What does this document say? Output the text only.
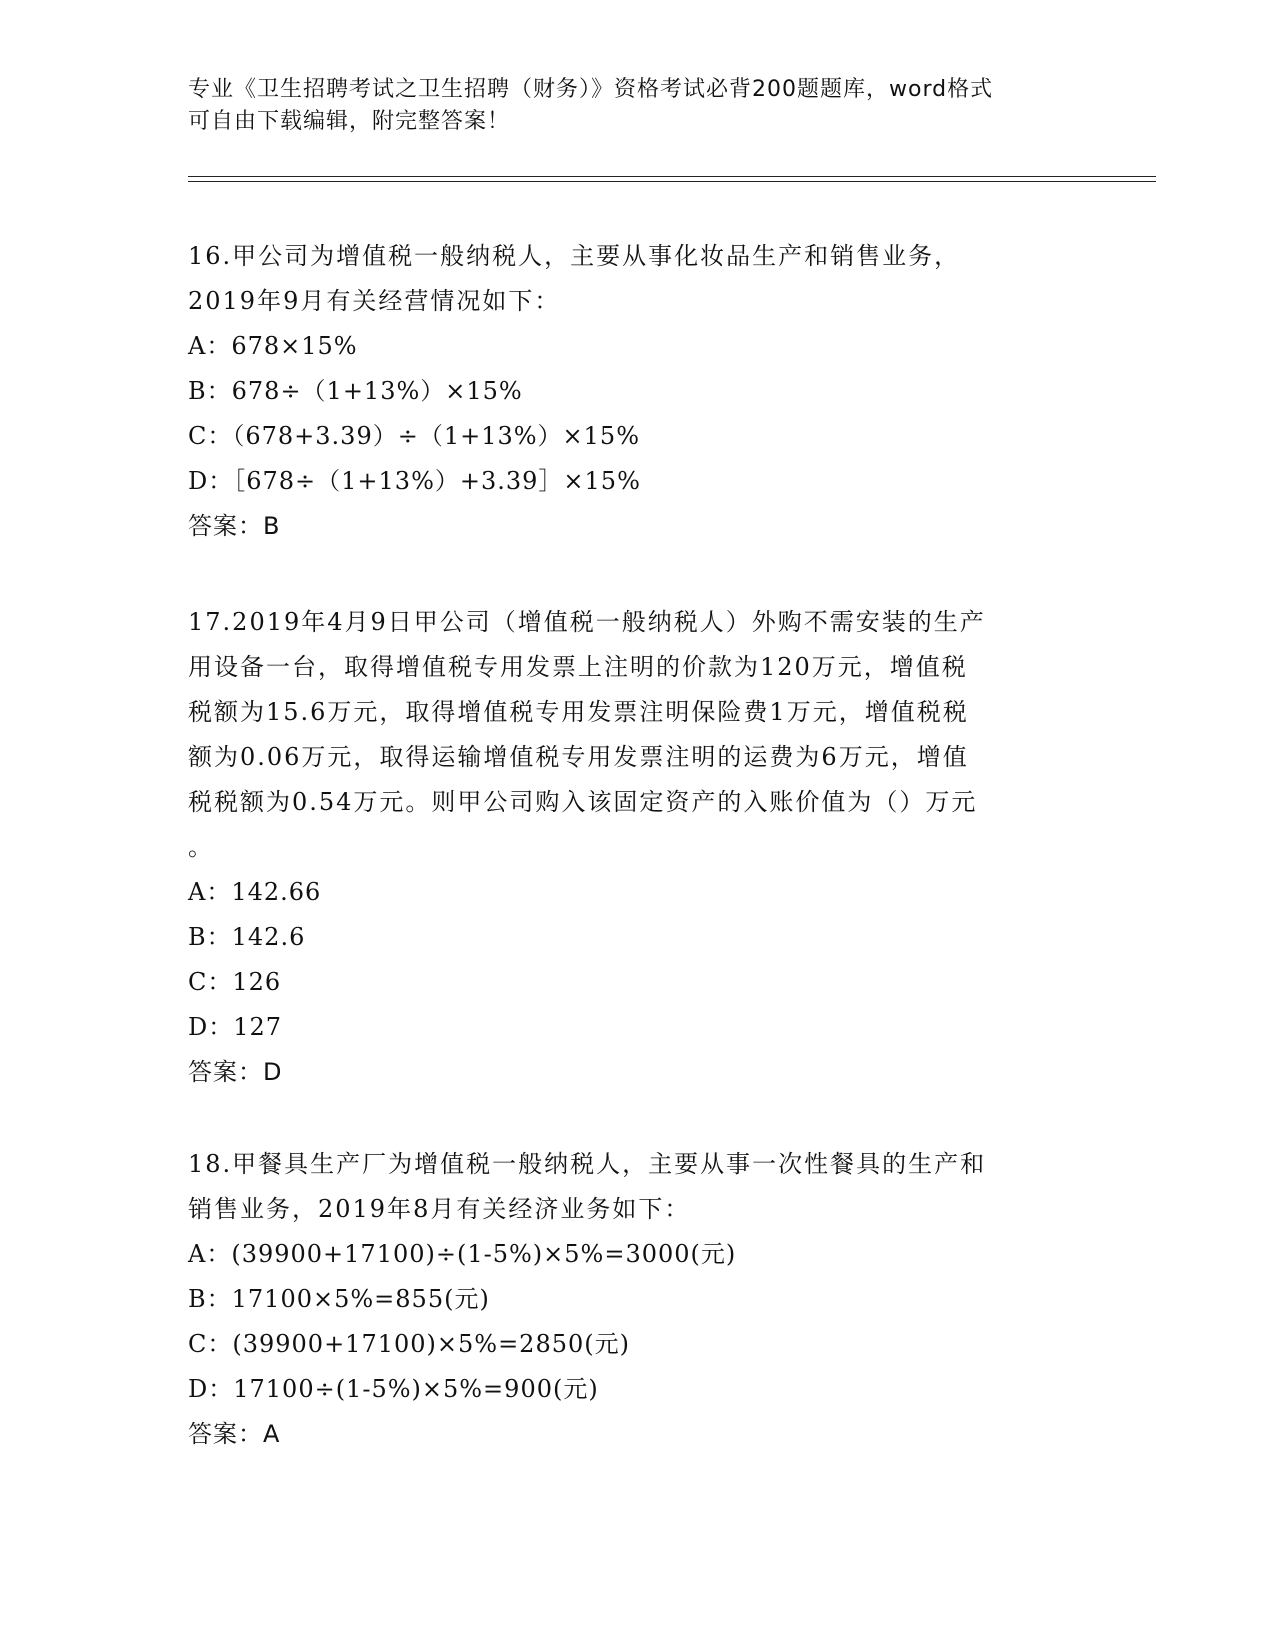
专业《卫生招聘考试之卫生招聘（财务）》资格考试必背200题题库，word格式
可自由下载编辑，附完整答案！
16.甲公司为增值税一般纳税人，主要从事化妆品生产和销售业务，
2019年9月有关经营情况如下：
A：678×15%
B：678÷（1+13%）×15%
C：（678+3.39）÷（1+13%）×15%
D：［678÷（1+13%）+3.39］×15%
答案：B
17.2019年4月9日甲公司（增值税一般纳税人）外购不需安装的生产
用设备一台，取得增值税专用发票上注明的价款为120万元，增值税
税额为15.6万元，取得增值税专用发票注明保险费1万元，增值税税
额为0.06万元，取得运输增值税专用发票注明的运费为6万元，增值
税税额为0.54万元。则甲公司购入该固定资产的入账价值为（）万元
。
A：142.66
B：142.6
C：126
D：127
答案：D
18.甲餐具生产厂为增值税一般纳税人，主要从事一次性餐具的生产和
销售业务，2019年8月有关经济业务如下：
A：(39900+17100)÷(1-5%)×5%=3000(元)
B：17100×5%=855(元)
C：(39900+17100)×5%=2850(元)
D：17100÷(1-5%)×5%=900(元)
答案：A
